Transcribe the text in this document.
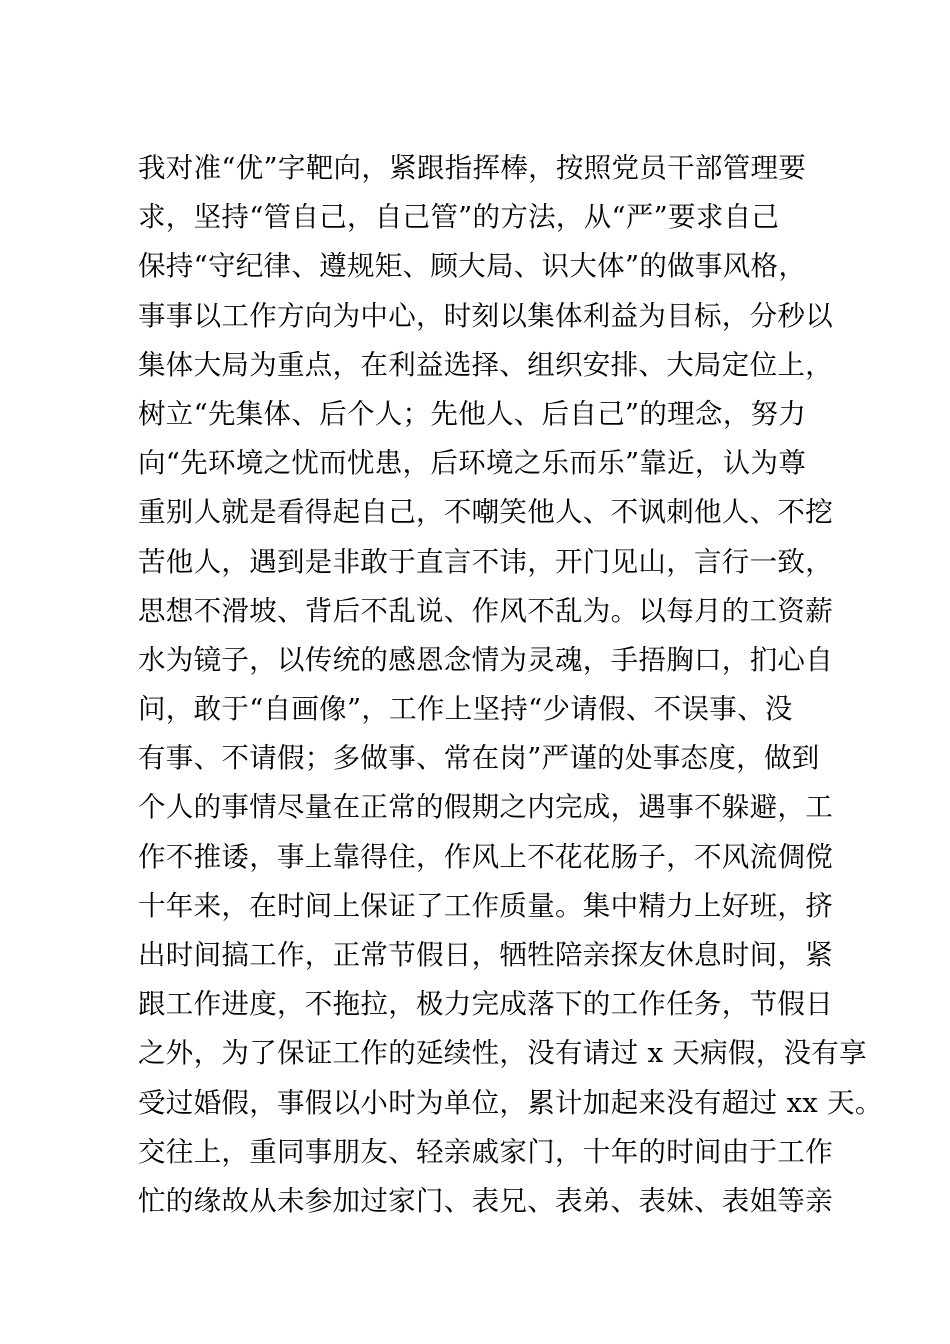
我对准“优”字靶向，紧跟指挥棒，按照党员干部管理要
求，坚持“管自己，自己管”的方法，从“严”要求自己
保持“守纪律、遵规矩、顾大局、识大体”的做事风格，
事事以工作方向为中心，时刻以集体利益为目标，分秒以
集体大局为重点，在利益选择、组织安排、大局定位上，
树立“先集体、后个人；先他人、后自己”的理念，努力
向“先环境之忧而忧患，后环境之乐而乐”靠近，认为尊
重别人就是看得起自己，不嘲笑他人、不讽刺他人、不挖
苦他人，遇到是非敢于直言不讳，开门见山，言行一致，
思想不滑坡、背后不乱说、作风不乱为。以每月的工资薪
水为镜子，以传统的感恩念情为灵魂，手捂胸口，扪心自
问，敢于“自画像”，工作上坚持“少请假、不误事、没
有事、不请假；多做事、常在岗”严谨的处事态度，做到
个人的事情尽量在正常的假期之内完成，遇事不躲避，工
作不推诿，事上靠得住，作风上不花花肠子，不风流倜傥
十年来，在时间上保证了工作质量。集中精力上好班，挤
出时间搞工作，正常节假日，牺牲陪亲探友休息时间，紧
跟工作进度，不拖拉，极力完成落下的工作任务，节假日
之外，为了保证工作的延续性，没有请过 x 天病假，没有享
受过婚假，事假以小时为单位，累计加起来没有超过 xx 天。
交往上，重同事朋友、轻亲戚家门，十年的时间由于工作
忙的缘故从未参加过家门、表兄、表弟、表妹、表姐等亲
